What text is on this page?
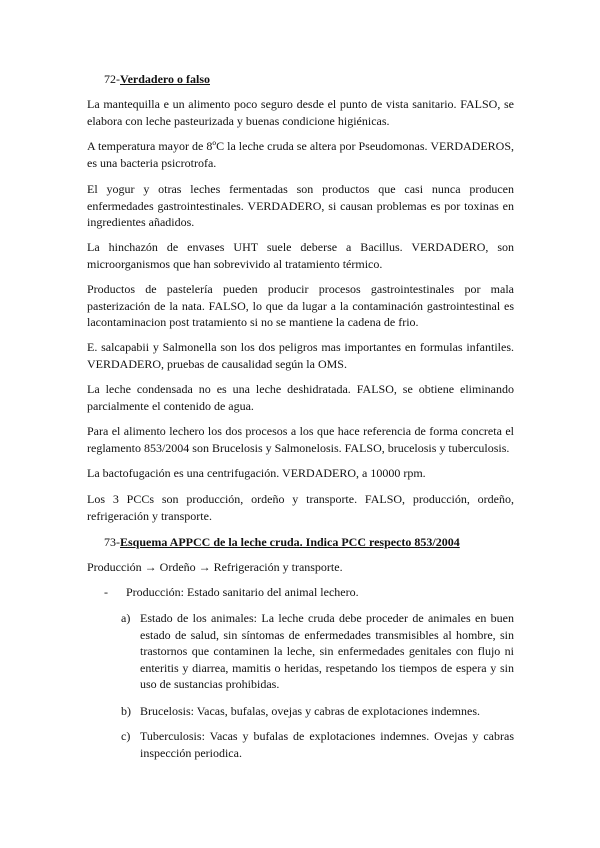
72-Verdadero o falso

La mantequilla e un alimento poco seguro desde el punto de vista sanitario. FALSO, se elabora con leche pasteurizada y buenas condicione higiénicas.

A temperatura mayor de 8ºC la leche cruda se altera por Pseudomonas. VERDADEROS, es una bacteria psicrotrofa.

El yogur y otras leches fermentadas son productos que casi nunca producen enfermedades gastrointestinales. VERDADERO, si causan problemas es por toxinas en ingredientes añadidos.

La hinchazón de envases UHT suele deberse a Bacillus. VERDADERO, son microorganismos que han sobrevivido al tratamiento térmico.

Productos de pastelería pueden producir procesos gastrointestinales por mala pasterización de la nata. FALSO, lo que da lugar a la contaminación gastrointestinal es lacontaminacion post tratamiento si no se mantiene la cadena de frio.

E. salcapabii y Salmonella son los dos peligros mas importantes en formulas infantiles. VERDADERO, pruebas de causalidad según la OMS.

La leche condensada no es una leche deshidratada. FALSO, se obtiene eliminando parcialmente el contenido de agua.

Para el alimento lechero los dos procesos a los que hace referencia de forma concreta el reglamento 853/2004 son Brucelosis y Salmonelosis. FALSO, brucelosis y tuberculosis.

La bactofugación es una centrifugación. VERDADERO, a 10000 rpm.

Los 3 PCCs son producción, ordeño y transporte. FALSO, producción, ordeño, refrigeración y transporte.

73-Esquema APPCC de la leche cruda. Indica PCC respecto 853/2004

Producción → Ordeño → Refrigeración y transporte.

- Producción: Estado sanitario del animal lechero.
a) Estado de los animales: La leche cruda debe proceder de animales en buen estado de salud, sin síntomas de enfermedades transmisibles al hombre, sin trastornos que contaminen la leche, sin enfermedades genitales con flujo ni enteritis y diarrea, mamitis o heridas, respetando los tiempos de espera y sin uso de sustancias prohibidas.
b) Brucelosis: Vacas, bufalas, ovejas y cabras de explotaciones indemnes.
c) Tuberculosis: Vacas y bufalas de explotaciones indemnes. Ovejas y cabras inspección periodica.
